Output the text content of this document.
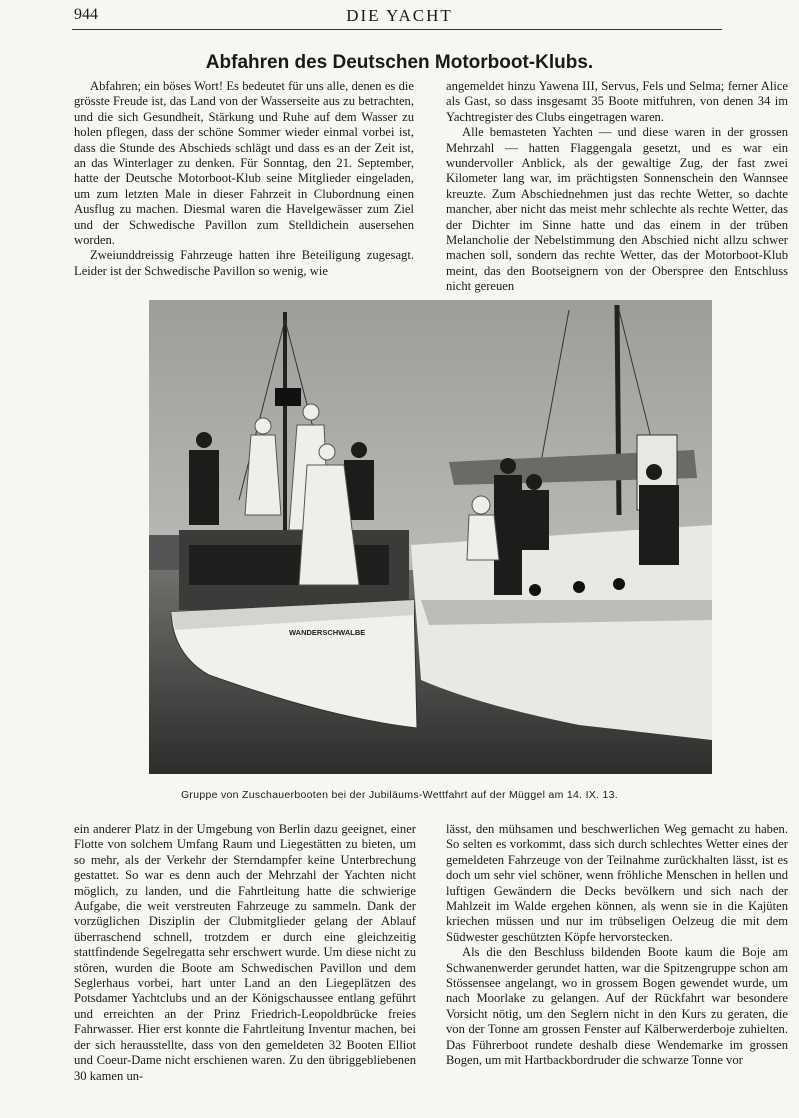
944	DIE YACHT
Abfahren des Deutschen Motorboot-Klubs.

Abfahren; ein böses Wort! Es bedeutet für uns alle, denen es die grösste Freude ist, das Land von der Wasserseite aus zu betrachten, und die sich Gesundheit, Stärkung und Ruhe auf dem Wasser zu holen pflegen, dass der schöne Sommer wieder einmal vorbei ist, dass die Stunde des Abschieds schlägt und dass es an der Zeit ist, an das Winterlager zu denken. Für Sonntag, den 21. September, hatte der Deutsche Motorboot-Klub seine Mitglieder eingeladen, um zum letzten Male in dieser Fahrzeit in Clubordnung einen Ausflug zu machen. Diesmal waren die Havelgewässer zum Ziel und der Schwedische Pavillon zum Stelldichein ausersehen worden.

Zweiunddreissig Fahrzeuge hatten ihre Beteiligung zugesagt. Leider ist der Schwedische Pavillon so wenig, wie

angemeldet hinzu Yawena III, Servus, Fels und Selma; ferner Alice als Gast, so dass insgesamt 35 Boote mitfuhren, von denen 34 im Yachtregister des Clubs eingetragen waren.

Alle bemasteten Yachten — und diese waren in der grossen Mehrzahl — hatten Flaggengala gesetzt, und es war ein wundervoller Anblick, als der gewaltige Zug, der fast zwei Kilometer lang war, im prächtigsten Sonnenschein den Wannsee kreuzte. Zum Abschiednehmen just das rechte Wetter, so dachte mancher, aber nicht das meist mehr schlechte als rechte Wetter, das der Dichter im Sinne hatte und das einem in der trüben Melancholie der Nebelstimmung den Abschied nicht allzu schwer machen soll, sondern das rechte Wetter, das der Motorboot-Klub meint, das den Bootseignern von der Oberspree den Entschluss nicht gereuen

WANDERSCHWALBE
Gruppe von Zuschauerbooten bei der Jubiläums-Wettfahrt auf der Müggel am 14. IX. 13.

ein anderer Platz in der Umgebung von Berlin dazu geeignet, einer Flotte von solchem Umfang Raum und Liegestätten zu bieten, um so mehr, als der Verkehr der Sterndampfer keine Unterbrechung gestattet. So war es denn auch der Mehrzahl der Yachten nicht möglich, zu landen, und die Fahrtleitung hatte die schwierige Aufgabe, die weit verstreuten Fahrzeuge zu sammeln. Dank der vorzüglichen Disziplin der Clubmitglieder gelang der Ablauf überraschend schnell, trotzdem er durch eine gleichzeitig stattfindende Segelregatta sehr erschwert wurde. Um diese nicht zu stören, wurden die Boote am Schwedischen Pavillon und dem Seglerhaus vorbei, hart unter Land an den Liegeplätzen des Potsdamer Yachtclubs und an der Königschaussee entlang geführt und erreichten an der Prinz Friedrich-Leopoldbrücke freies Fahrwasser. Hier erst konnte die Fahrtleitung Inventur machen, bei der sich herausstellte, dass von den gemeldeten 32 Booten Elliot und Coeur-Dame nicht erschienen waren. Zu den übriggebliebenen 30 kamen un-

lässt, den mühsamen und beschwerlichen Weg gemacht zu haben. So selten es vorkommt, dass sich durch schlechtes Wetter eines der gemeldeten Fahrzeuge von der Teilnahme zurückhalten lässt, ist es doch um sehr viel schöner, wenn fröhliche Menschen in hellen und luftigen Gewändern die Decks bevölkern und sich nach der Mahlzeit im Walde ergehen können, als wenn sie in die Kajüten kriechen müssen und nur im trübseligen Oelzeug die mit dem Südwester geschützten Köpfe hervorstecken.

Als die den Beschluss bildenden Boote kaum die Boje am Schwanenwerder gerundet hatten, war die Spitzengruppe schon am Stössensee angelangt, wo in grossem Bogen gewendet wurde, um nach Moorlake zu gelangen. Auf der Rückfahrt war besondere Vorsicht nötig, um den Seglern nicht in den Kurs zu geraten, die von der Tonne am grossen Fenster auf Kälberwerderboje zuhielten. Das Führerboot rundete deshalb diese Wendemarke im grossen Bogen, um mit Hartbackbordruder die schwarze Tonne vor
